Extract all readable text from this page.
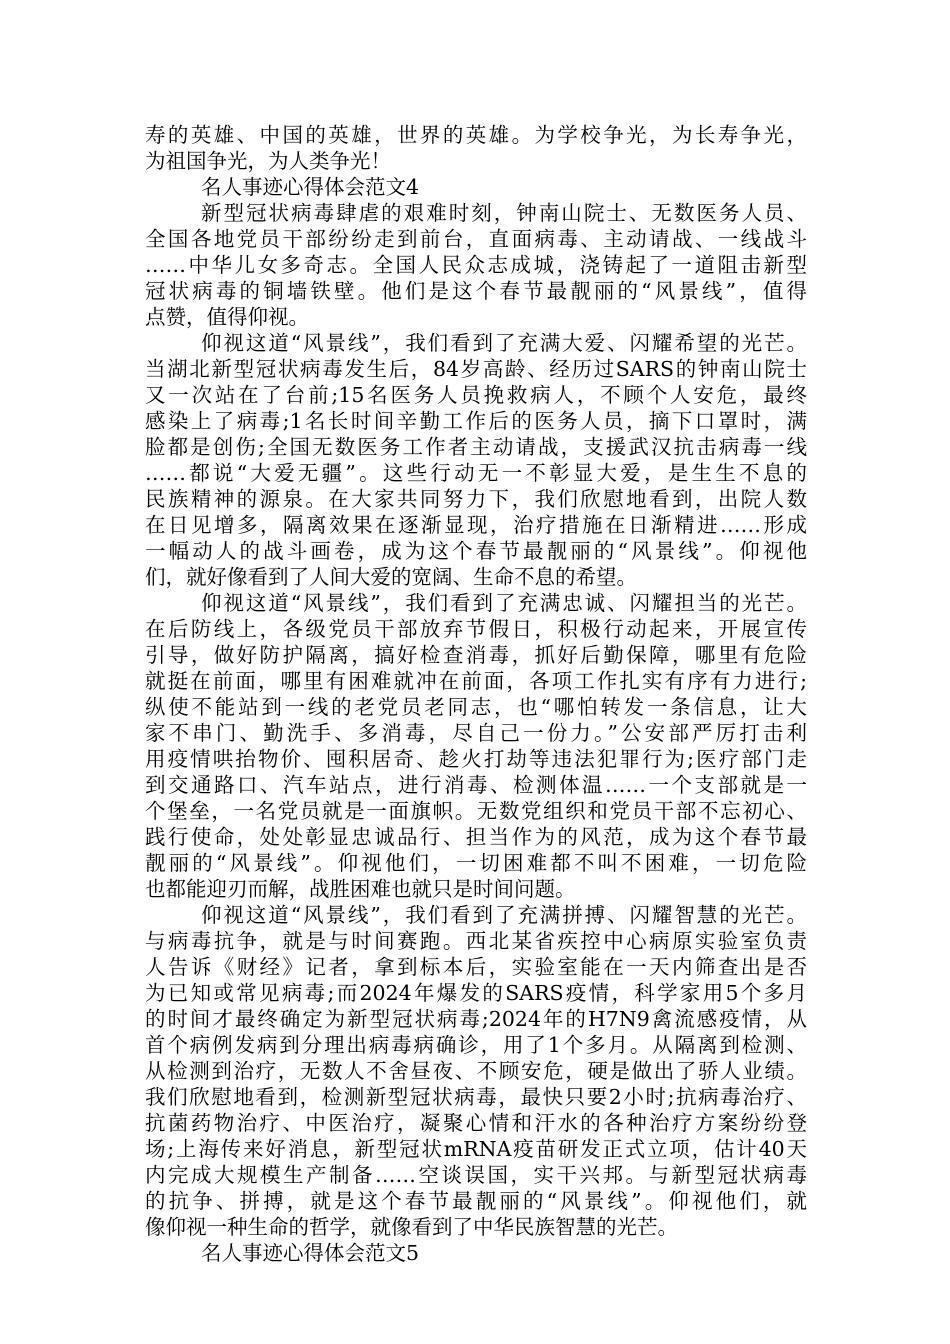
寿的英雄、中国的英雄，世界的英雄。为学校争光，为长寿争光，
为祖国争光，为人类争光！
名人事迹心得体会范文4
新型冠状病毒肆虐的艰难时刻，钟南山院士、无数医务人员、
全国各地党员干部纷纷走到前台，直面病毒、主动请战、一线战斗
……中华儿女多奇志。全国人民众志成城，浇铸起了一道阻击新型
冠状病毒的铜墙铁壁。他们是这个春节最靓丽的“风景线”，值得
点赞，值得仰视。
仰视这道“风景线”，我们看到了充满大爱、闪耀希望的光芒。
当湖北新型冠状病毒发生后，84岁高龄、经历过SARS的钟南山院士
又一次站在了台前;15名医务人员挽救病人，不顾个人安危，最终
感染上了病毒;1名长时间辛勤工作后的医务人员，摘下口罩时，满
脸都是创伤;全国无数医务工作者主动请战，支援武汉抗击病毒一线
……都说“大爱无疆”。这些行动无一不彰显大爱，是生生不息的
民族精神的源泉。在大家共同努力下，我们欣慰地看到，出院人数
在日见增多，隔离效果在逐渐显现，治疗措施在日渐精进……形成
一幅动人的战斗画卷，成为这个春节最靓丽的“风景线”。仰视他
们，就好像看到了人间大爱的宽阔、生命不息的希望。
仰视这道“风景线”，我们看到了充满忠诚、闪耀担当的光芒。
在后防线上，各级党员干部放弃节假日，积极行动起来，开展宣传
引导，做好防护隔离，搞好检查消毒，抓好后勤保障，哪里有危险
就挺在前面，哪里有困难就冲在前面，各项工作扎实有序有力进行;
纵使不能站到一线的老党员老同志，也“哪怕转发一条信息，让大
家不串门、勤洗手、多消毒，尽自己一份力。”公安部严厉打击利
用疫情哄抬物价、囤积居奇、趁火打劫等违法犯罪行为;医疗部门走
到交通路口、汽车站点，进行消毒、检测体温……一个支部就是一
个堡垒，一名党员就是一面旗帜。无数党组织和党员干部不忘初心、
践行使命，处处彰显忠诚品行、担当作为的风范，成为这个春节最
靓丽的“风景线”。仰视他们，一切困难都不叫不困难，一切危险
也都能迎刃而解，战胜困难也就只是时间问题。
仰视这道“风景线”，我们看到了充满拼搏、闪耀智慧的光芒。
与病毒抗争，就是与时间赛跑。西北某省疾控中心病原实验室负责
人告诉《财经》记者，拿到标本后，实验室能在一天内筛查出是否
为已知或常见病毒;而2024年爆发的SARS疫情，科学家用5个多月
的时间才最终确定为新型冠状病毒;2024年的H7N9禽流感疫情，从
首个病例发病到分理出病毒病确诊，用了1个多月。从隔离到检测、
从检测到治疗，无数人不舍昼夜、不顾安危，硬是做出了骄人业绩。
我们欣慰地看到，检测新型冠状病毒，最快只要2小时;抗病毒治疗、
抗菌药物治疗、中医治疗，凝聚心情和汗水的各种治疗方案纷纷登
场;上海传来好消息，新型冠状mRNA疫苗研发正式立项，估计40天
内完成大规模生产制备……空谈误国，实干兴邦。与新型冠状病毒
的抗争、拼搏，就是这个春节最靓丽的“风景线”。仰视他们，就
像仰视一种生命的哲学，就像看到了中华民族智慧的光芒。
名人事迹心得体会范文5
